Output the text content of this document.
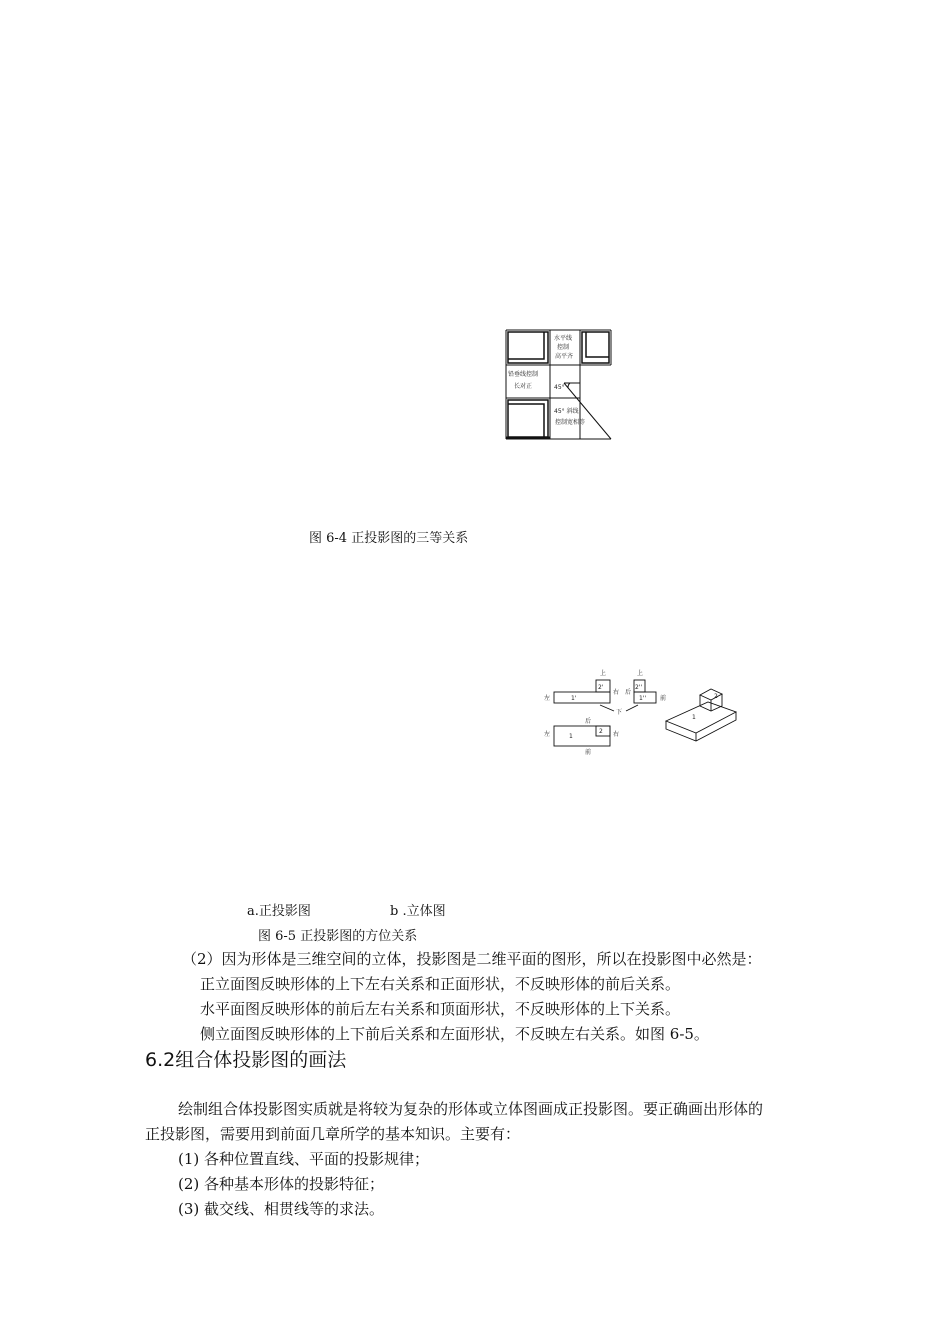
水平线
控制
高平齐
铅垂线控制
长对正	45°
45° 斜线
控制宽相等
图 6-4 正投影图的三等关系
上
左
右
1'
2'
上
后
前
1''
2''
下
后
左	右
前
1
2
1
2
a.正投影图	b .立体图
图 6-5 正投影图的方位关系
（2）因为形体是三维空间的立体，投影图是二维平面的图形，所以在投影图中必然是：
正立面图反映形体的上下左右关系和正面形状，不反映形体的前后关系。
水平面图反映形体的前后左右关系和顶面形状，不反映形体的上下关系。
侧立面图反映形体的上下前后关系和左面形状，不反映左右关系。如图 6-5。
6.2组合体投影图的画法
绘制组合体投影图实质就是将较为复杂的形体或立体图画成正投影图。要正确画出形体的
正投影图，需要用到前面几章所学的基本知识。主要有：
(1) 各种位置直线、平面的投影规律；
(2) 各种基本形体的投影特征；
(3) 截交线、相贯线等的求法。
